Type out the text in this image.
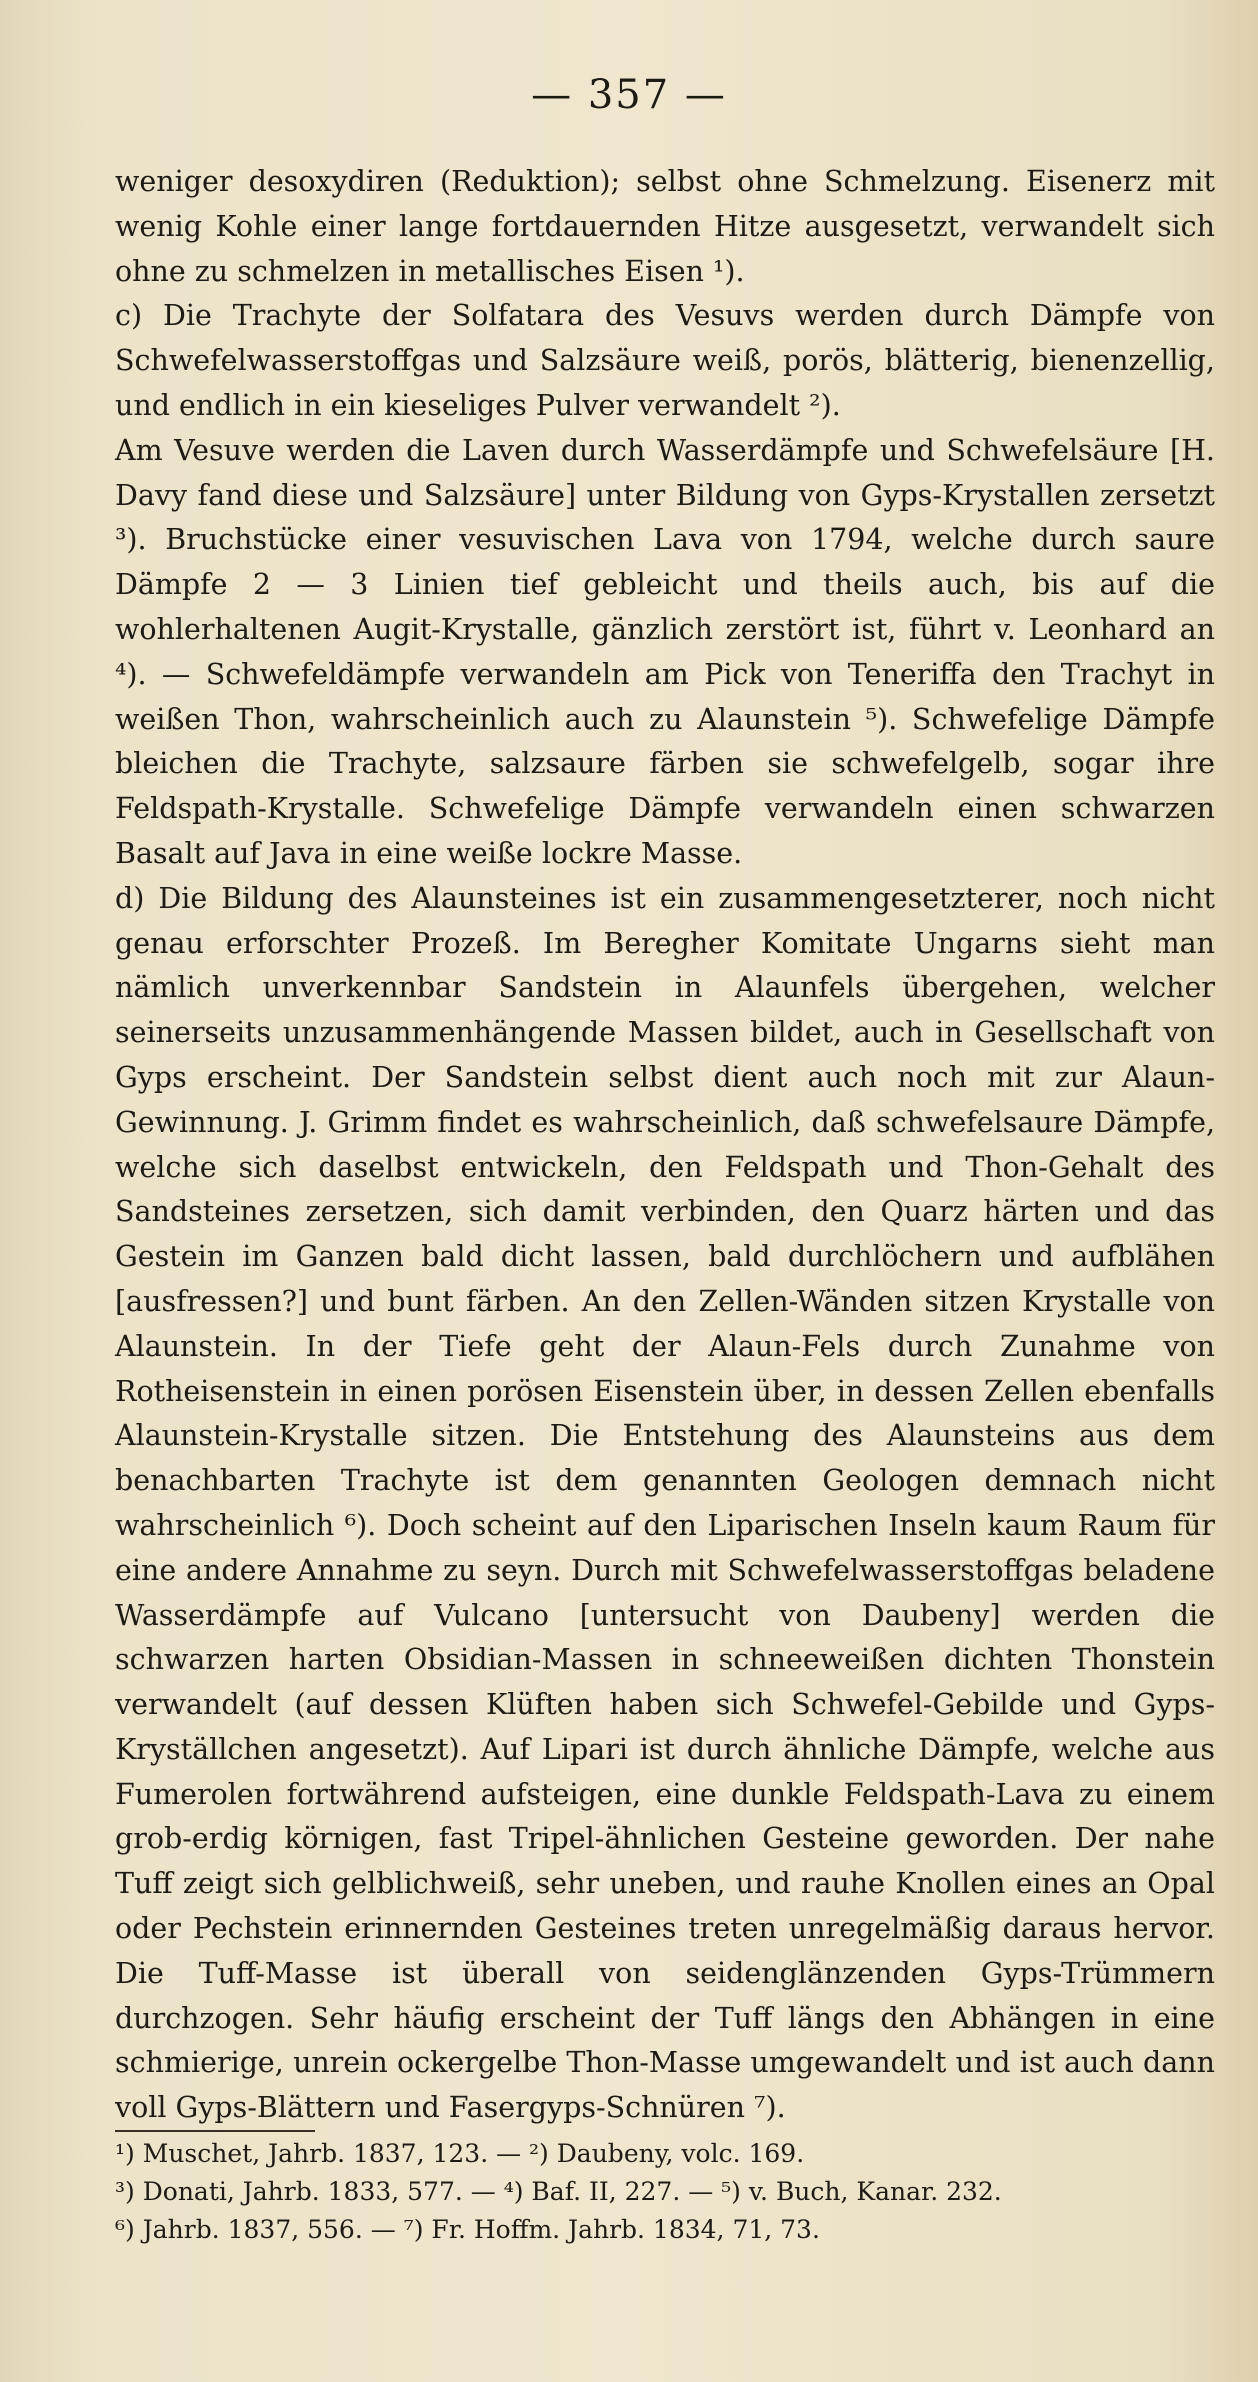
— 357 —

weniger desoxydiren (Reduktion); selbst ohne Schmelzung. Eisenerz mit wenig Kohle einer lange fortdauernden Hitze ausgesetzt, verwandelt sich ohne zu schmelzen in metallisches Eisen ¹).

c) Die Trachyte der Solfatara des Vesuvs werden durch Dämpfe von Schwefelwasserstoffgas und Salzsäure weiß, porös, blätterig, bienenzellig, und endlich in ein kieseliges Pulver verwandelt ²).

Am Vesuve werden die Laven durch Wasserdämpfe und Schwefelsäure [H. Davy fand diese und Salzsäure] unter Bildung von Gyps-Krystallen zersetzt ³). Bruchstücke einer vesuvischen Lava von 1794, welche durch saure Dämpfe 2 — 3 Linien tief gebleicht und theils auch, bis auf die wohlerhaltenen Augit-Krystalle, gänzlich zerstört ist, führt v. Leonhard an ⁴). — Schwefeldämpfe verwandeln am Pick von Teneriffa den Trachyt in weißen Thon, wahrscheinlich auch zu Alaunstein ⁵). Schwefelige Dämpfe bleichen die Trachyte, salzsaure färben sie schwefelgelb, sogar ihre Feldspath-Krystalle. Schwefelige Dämpfe verwandeln einen schwarzen Basalt auf Java in eine weiße lockre Masse.

d) Die Bildung des Alaunsteines ist ein zusammengesetzterer, noch nicht genau erforschter Prozeß. Im Beregher Komitate Ungarns sieht man nämlich unverkennbar Sandstein in Alaunfels übergehen, welcher seinerseits unzusammenhängende Massen bildet, auch in Gesellschaft von Gyps erscheint. Der Sandstein selbst dient auch noch mit zur Alaun-Gewinnung. J. Grimm findet es wahrscheinlich, daß schwefelsaure Dämpfe, welche sich daselbst entwickeln, den Feldspath und Thon-Gehalt des Sandsteines zersetzen, sich damit verbinden, den Quarz härten und das Gestein im Ganzen bald dicht lassen, bald durchlöchern und aufblähen [ausfressen?] und bunt färben. An den Zellen-Wänden sitzen Krystalle von Alaunstein. In der Tiefe geht der Alaun-Fels durch Zunahme von Rotheisenstein in einen porösen Eisenstein über, in dessen Zellen ebenfalls Alaunstein-Krystalle sitzen. Die Entstehung des Alaunsteins aus dem benachbarten Trachyte ist dem genannten Geologen demnach nicht wahrscheinlich ⁶). Doch scheint auf den Liparischen Inseln kaum Raum für eine andere Annahme zu seyn. Durch mit Schwefelwasserstoffgas beladene Wasserdämpfe auf Vulcano [untersucht von Daubeny] werden die schwarzen harten Obsidian-Massen in schneeweißen dichten Thonstein verwandelt (auf dessen Klüften haben sich Schwefel-Gebilde und Gyps-Kryställchen angesetzt). Auf Lipari ist durch ähnliche Dämpfe, welche aus Fumerolen fortwährend aufsteigen, eine dunkle Feldspath-Lava zu einem grob-erdig körnigen, fast Tripel-ähnlichen Gesteine geworden. Der nahe Tuff zeigt sich gelblichweiß, sehr uneben, und rauhe Knollen eines an Opal oder Pechstein erinnernden Gesteines treten unregelmäßig daraus hervor. Die Tuff-Masse ist überall von seidenglänzenden Gyps-Trümmern durchzogen. Sehr häufig erscheint der Tuff längs den Abhängen in eine schmierige, unrein ockergelbe Thon-Masse umgewandelt und ist auch dann voll Gyps-Blättern und Fasergyps-Schnüren ⁷).

¹) Muschet, Jahrb. 1837, 123. — ²) Daubeny, volc. 169.

³) Donati, Jahrb. 1833, 577. — ⁴) Baf. II, 227. — ⁵) v. Buch, Kanar. 232.

⁶) Jahrb. 1837, 556. — ⁷) Fr. Hoffm. Jahrb. 1834, 71, 73.
